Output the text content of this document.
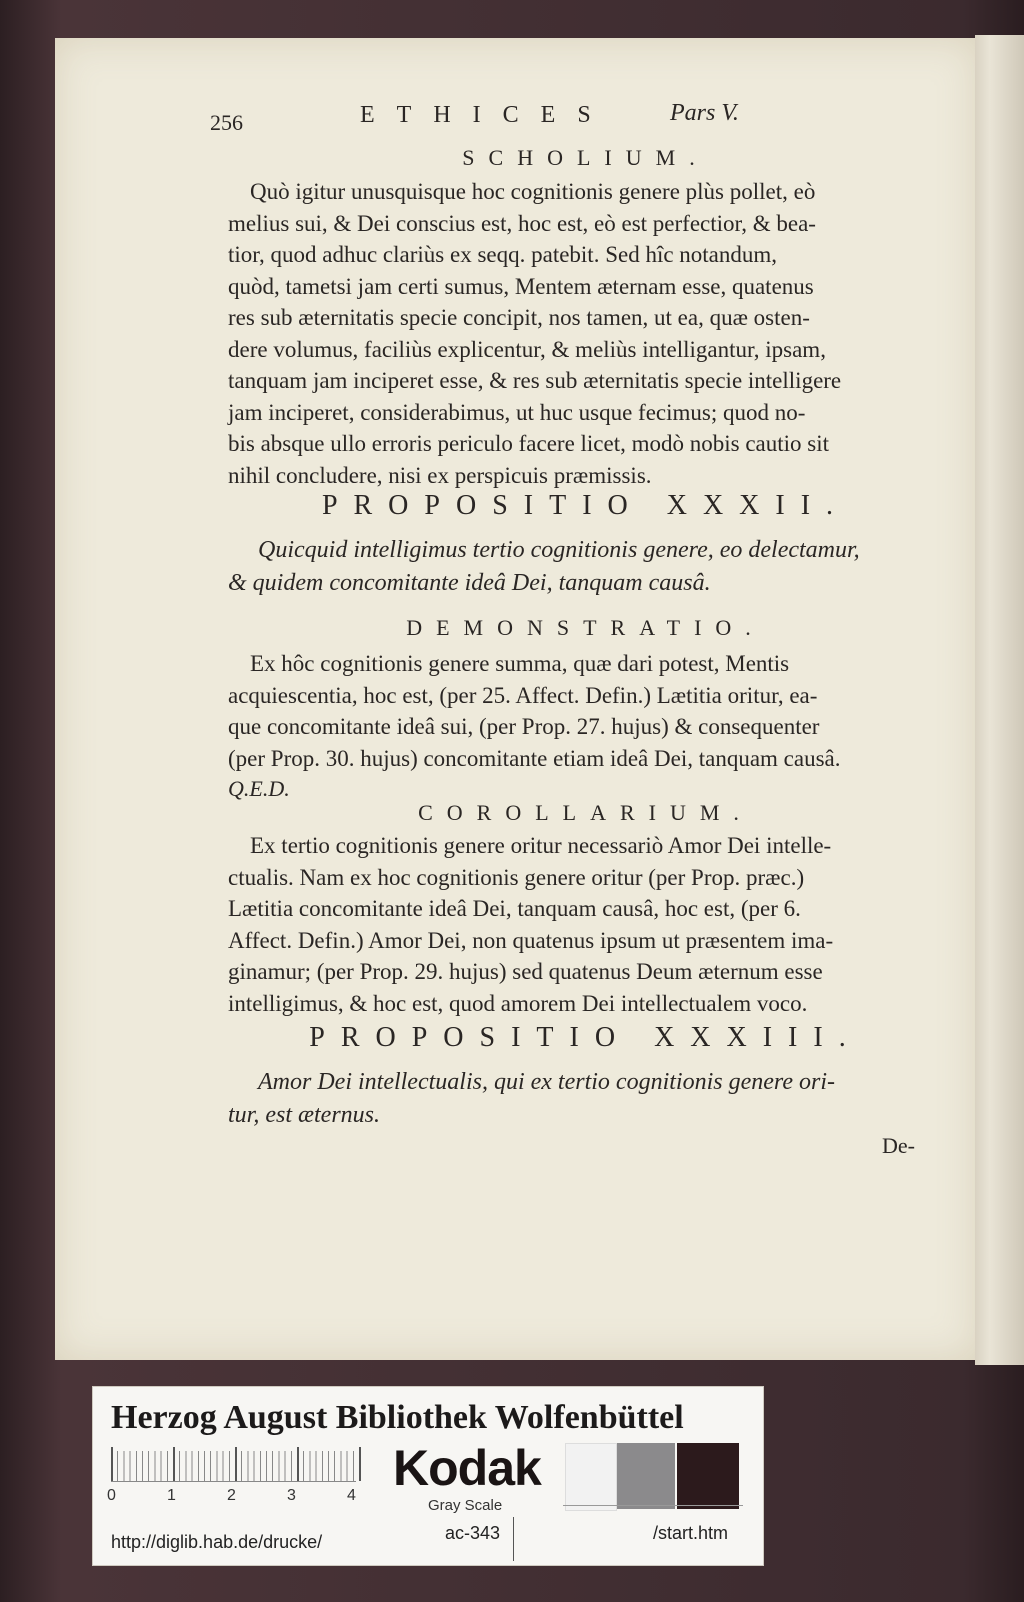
256	ETHICES Pars V.
SCHOLIUM.

Quò igitur unusquisque hoc cognitionis genere plùs pollet, eò

melius sui, & Dei conscius est, hoc est, eò est perfectior, & bea-

tior, quod adhuc clariùs ex seqq. patebit. Sed hîc notandum,

quòd, tametsi jam certi sumus, Mentem æternam esse, quatenus

res sub æternitatis specie concipit, nos tamen, ut ea, quæ osten-

dere volumus, faciliùs explicentur, & meliùs intelligantur, ipsam,

tanquam jam inciperet esse, & res sub æternitatis specie intelligere

jam inciperet, considerabimus, ut huc usque fecimus; quod no-

bis absque ullo erroris periculo facere licet, modò nobis cautio sit

nihil concludere, nisi ex perspicuis præmissis.

PROPOSITIO XXXII.

Quicquid intelligimus tertio cognitionis genere, eo delectamur,

& quidem concomitante ideâ Dei, tanquam causâ.

DEMONSTRATIO.

Ex hôc cognitionis genere summa, quæ dari potest, Mentis

acquiescentia, hoc est, (per 25. Affect. Defin.) Lætitia oritur, ea-

que concomitante ideâ sui, (per Prop. 27. hujus) & consequenter

(per Prop. 30. hujus) concomitante etiam ideâ Dei, tanquam causâ.

Q.E.D.
COROLLARIUM.

Ex tertio cognitionis genere oritur necessariò Amor Dei intelle-

ctualis. Nam ex hoc cognitionis genere oritur (per Prop. præc.)

Lætitia concomitante ideâ Dei, tanquam causâ, hoc est, (per 6.

Affect. Defin.) Amor Dei, non quatenus ipsum ut præsentem ima-

ginamur; (per Prop. 29. hujus) sed quatenus Deum æternum esse

intelligimus, & hoc est, quod amorem Dei intellectualem voco.

PROPOSITIO XXXIII.

Amor Dei intellectualis, qui ex tertio cognitionis genere ori-

tur, est æternus.

De-
Herzog August Bibliothek Wolfenbüttel
0	1	2	3	4 Kodak
Gray Scale
http://diglib.hab.de/drucke/	ac-343	/start.htm
